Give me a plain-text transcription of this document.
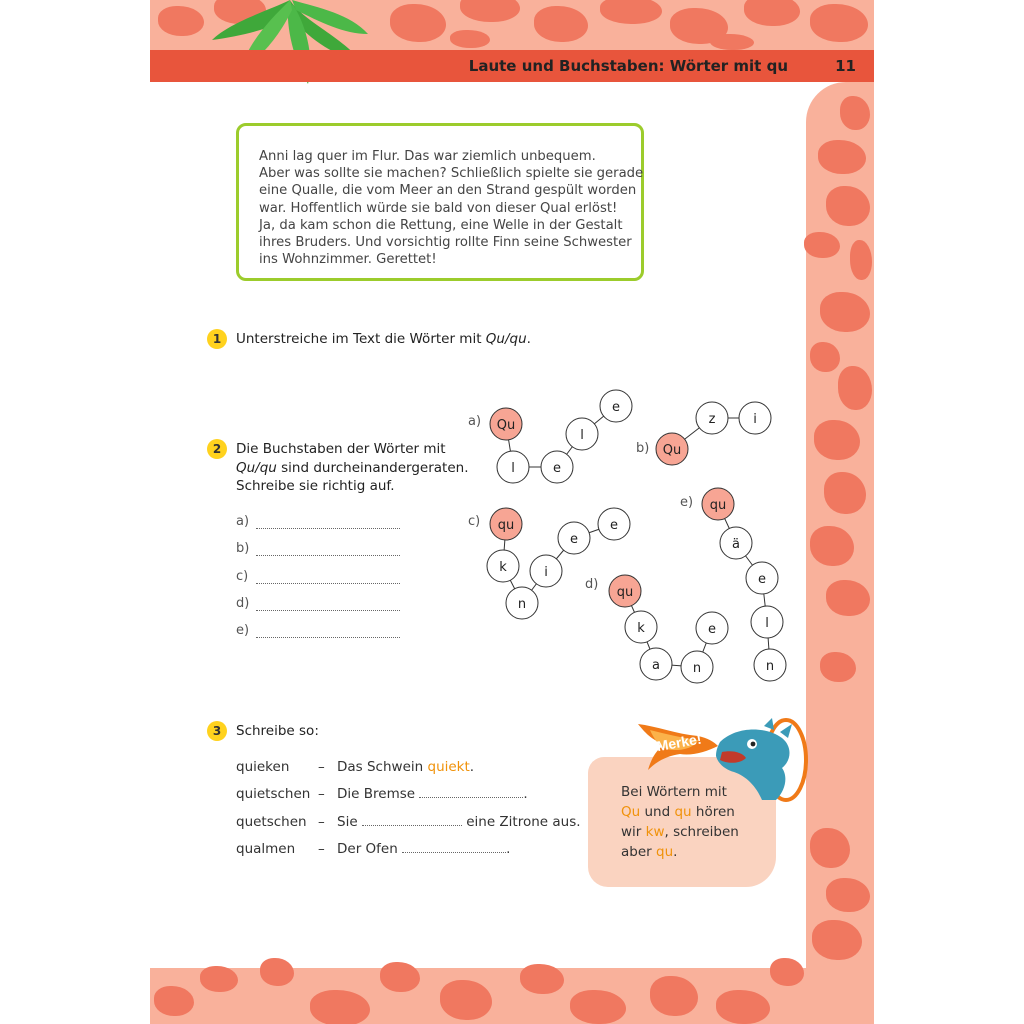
Laute und Buchstaben: Wörter mit qu	11
Anni lag quer im Flur. Das war ziemlich unbequem.
Aber was sollte sie machen? Schließlich spielte sie gerade
eine Qualle, die vom Meer an den Strand gespült worden
war. Hoffentlich würde sie bald von dieser Qual erlöst!
Ja, da kam schon die Rettung, eine Welle in der Gestalt
ihres Bruders. Und vorsichtig rollte Finn seine Schwester
ins Wohnzimmer. Gerettet!
1	Unterstreiche im Text die Wörter mit Qu/qu.
2	Die Buchstaben der Wörter mit
Qu/qu sind durcheinandergeraten.
Schreibe sie richtig auf.
a)
b)
c)
d)
e)
a)
b)
c)
d)
e)
Qu
l	e
l
e
Qu
z	i
qu
k	i
e
e
n
qu
k
a	n
e
qu
ä
e
l
n
3	Schreibe so:
quieken – Das Schwein quiekt.
quietschen – Die Bremse	.
quetschen – Sie	eine Zitrone aus.
qualmen – Der Ofen	.
Merke!
Bei Wörtern mit
Qu und qu hören
wir kw, schreiben
aber qu.
